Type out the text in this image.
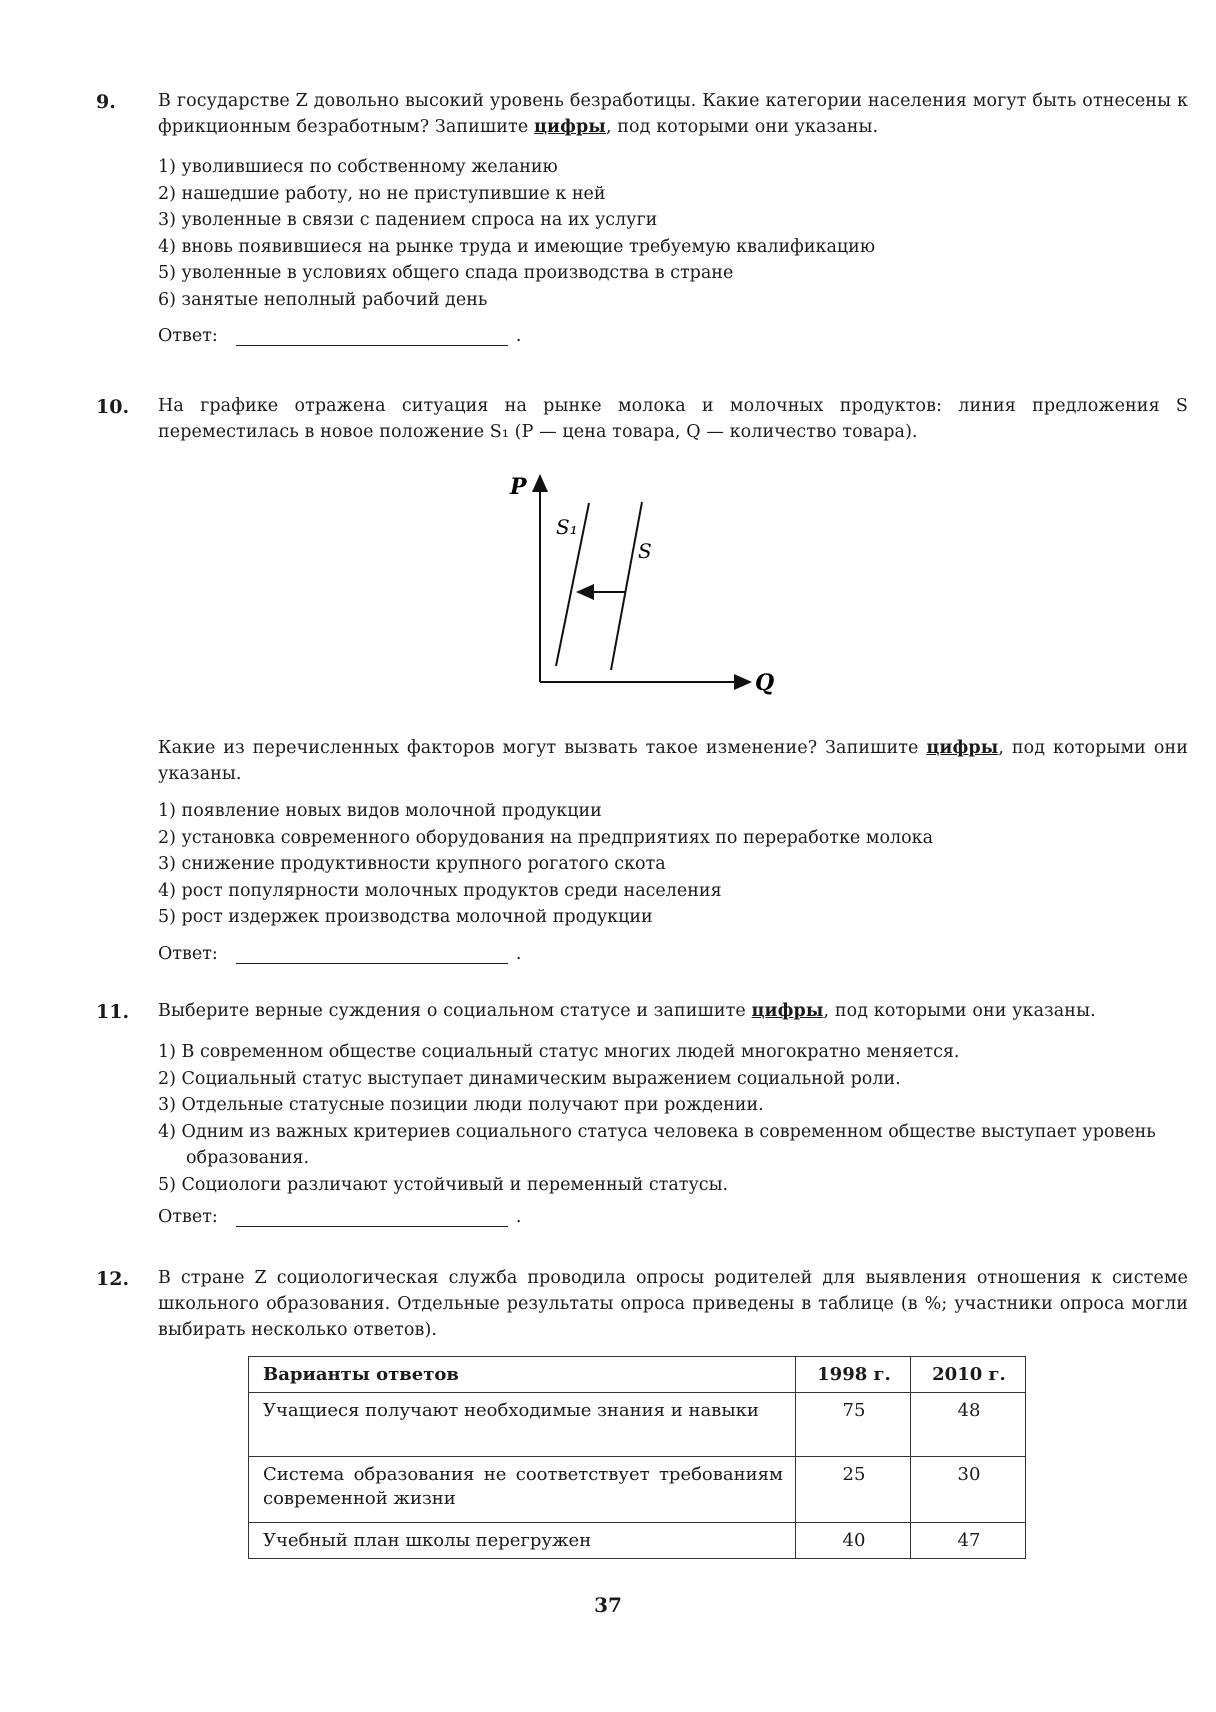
9. В государстве Z довольно высокий уровень безработицы. Какие категории населения могут быть отнесены к фрикционным безработным? Запишите цифры, под которыми они указаны.
1) уволившиеся по собственному желанию
2) нашедшие работу, но не приступившие к ней
3) уволенные в связи с падением спроса на их услуги
4) вновь появившиеся на рынке труда и имеющие требуемую квалификацию
5) уволенные в условиях общего спада производства в стране
6) занятые неполный рабочий день
Ответ:	.
10. На графике отражена ситуация на рынке молока и молочных продуктов: линия предложения S переместилась в новое положение S₁ (P — цена товара, Q — количество товара).
P
Q
S₁
S
Какие из перечисленных факторов могут вызвать такое изменение? Запишите цифры, под которыми они указаны.
1) появление новых видов молочной продукции
2) установка современного оборудования на предприятиях по переработке молока
3) снижение продуктивности крупного рогатого скота
4) рост популярности молочных продуктов среди населения
5) рост издержек производства молочной продукции
Ответ:	.
11. Выберите верные суждения о социальном статусе и запишите цифры, под которыми они указаны.
1) В современном обществе социальный статус многих людей многократно меняется.
2) Социальный статус выступает динамическим выражением социальной роли.
3) Отдельные статусные позиции люди получают при рождении.
4) Одним из важных критериев социального статуса человека в современном обществе выступает уровень образования.
5) Социологи различают устойчивый и переменный статусы.
Ответ:	.
12. В стране Z социологическая служба проводила опросы родителей для выявления отношения к системе школьного образования. Отдельные результаты опроса приведены в таблице (в %; участники опроса могли выбирать несколько ответов).
Варианты ответов	1998 г.	2010 г.
Учащиеся получают необходимые знания и навыки	75	48
Система образования не соответствует требованиям современной жизни	25	30
Учебный план школы перегружен	40	47
37
